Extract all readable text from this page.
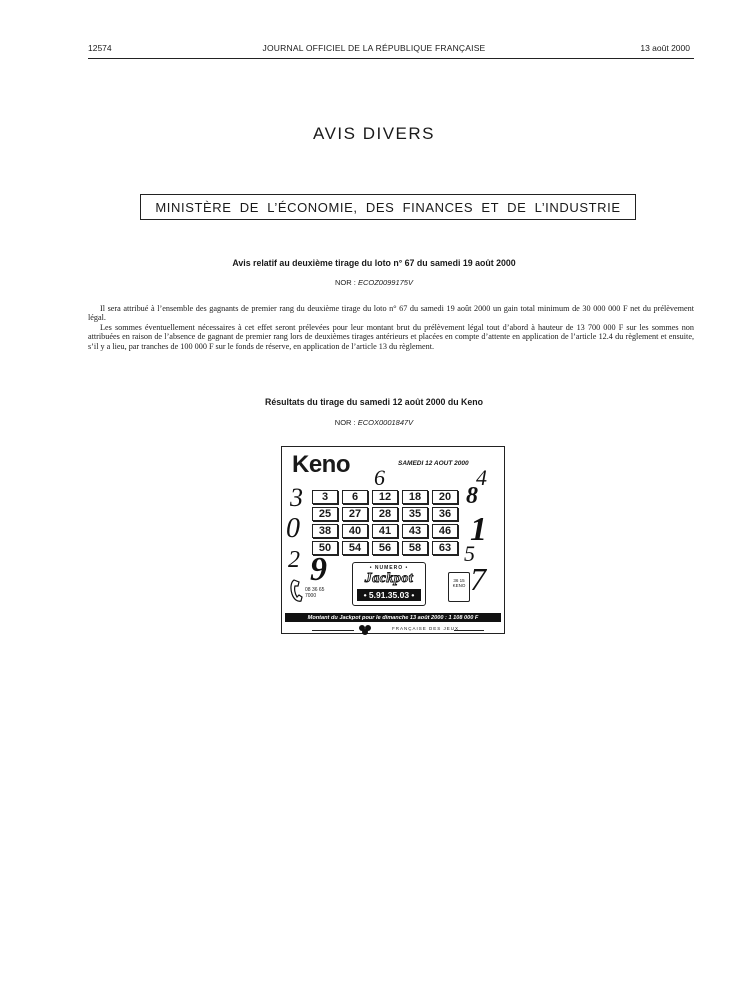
12574	JOURNAL OFFICIEL DE LA RÉPUBLIQUE FRANÇAISE	13 août 2000
AVIS DIVERS
MINISTÈRE DE L’ÉCONOMIE, DES FINANCES ET DE L’INDUSTRIE
Avis relatif au deuxième tirage du loto n° 67 du samedi 19 août 2000
NOR : ECOZ0099175V

Il sera attribué à l’ensemble des gagnants de premier rang du deuxième tirage du loto n° 67 du samedi 19 août 2000 un gain total minimum de 30 000 000 F net du prélèvement légal.

Les sommes éventuellement nécessaires à cet effet seront prélevées pour leur montant brut du prélèvement légal tout d’abord à hauteur de 13 700 000 F sur les sommes non attribuées en raison de l’absence de gagnant de premier rang lors de deuxièmes tirages antérieurs et placées en compte d’attente en application de l’article 12.4 du règlement et ensuite, s’il y a lieu, par tranches de 100 000 F sur le fonds de réserve, en application de l’article 13 du règlement.

Résultats du tirage du samedi 12 août 2000 du Keno
NOR : ECOX0001847V
Keno	SAMEDI 12 AOUT 2000
3	6	12	18	20
25	27	28	35	36
38	40	41	43	46
50	54	56	58	63
6	4
3	8
0	1
2 9	5
7
08 36 65 7000
• NUMERO •
Jackpot
• 5.91.35.03 •
36 15 KENO
Montant du Jackpot pour le dimanche 13 août 2000 : 1 108 000 F
FRANÇAISE DES JEUX
